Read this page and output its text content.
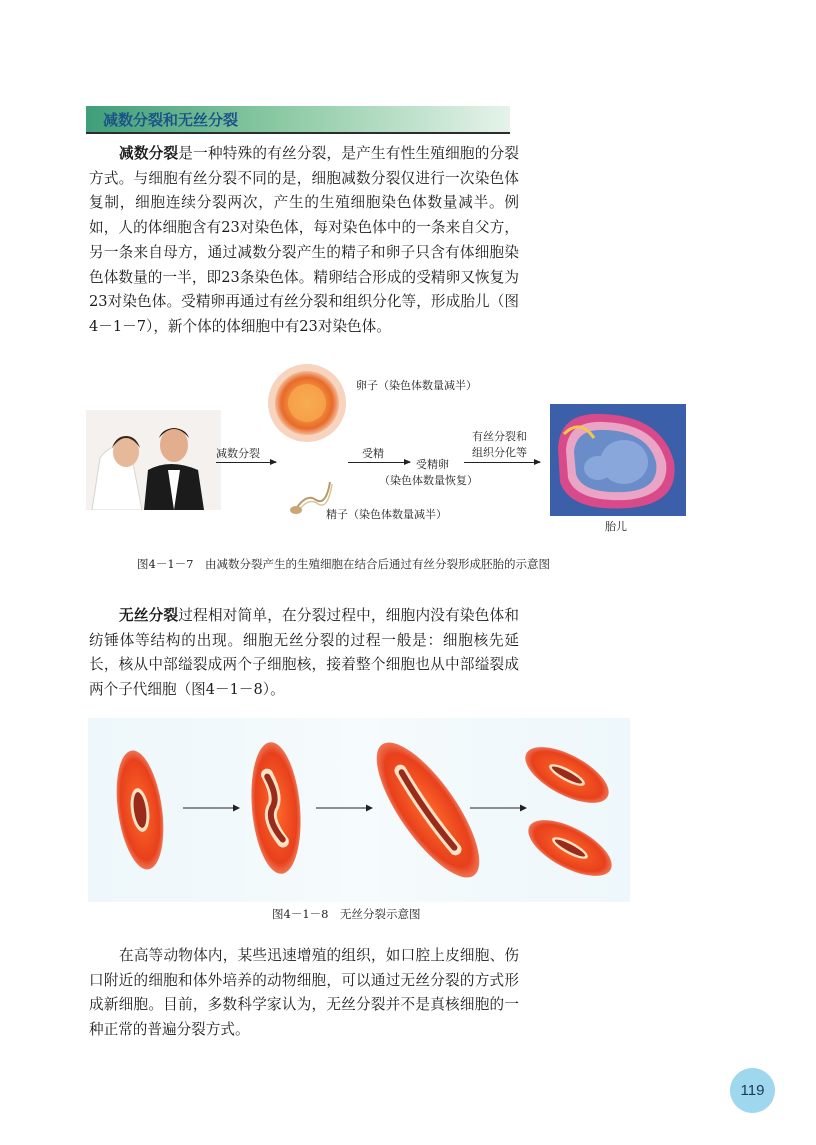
减数分裂和无丝分裂

减数分裂是一种特殊的有丝分裂，是产生有性生殖细胞的分裂方式。与细胞有丝分裂不同的是，细胞减数分裂仅进行一次染色体复制，细胞连续分裂两次，产生的生殖细胞染色体数量减半。例如，人的体细胞含有23对染色体，每对染色体中的一条来自父方，另一条来自母方，通过减数分裂产生的精子和卵子只含有体细胞染色体数量的一半，即23条染色体。精卵结合形成的受精卵又恢复为23对染色体。受精卵再通过有丝分裂和组织分化等，形成胎儿（图4－1－7），新个体的体细胞中有23对染色体。

减数分裂
卵子（染色体数量减半）
精子（染色体数量减半）
受精
受精卵
（染色体数量恢复）
有丝分裂和
组织分化等
胎儿
图4－1－7　由减数分裂产生的生殖细胞在结合后通过有丝分裂形成胚胎的示意图

无丝分裂过程相对简单，在分裂过程中，细胞内没有染色体和纺锤体等结构的出现。细胞无丝分裂的过程一般是：细胞核先延长，核从中部缢裂成两个子细胞核，接着整个细胞也从中部缢裂成两个子代细胞（图4－1－8）。

图4－1－8　无丝分裂示意图

在高等动物体内，某些迅速增殖的组织，如口腔上皮细胞、伤口附近的细胞和体外培养的动物细胞，可以通过无丝分裂的方式形成新细胞。目前，多数科学家认为，无丝分裂并不是真核细胞的一种正常的普遍分裂方式。

119
